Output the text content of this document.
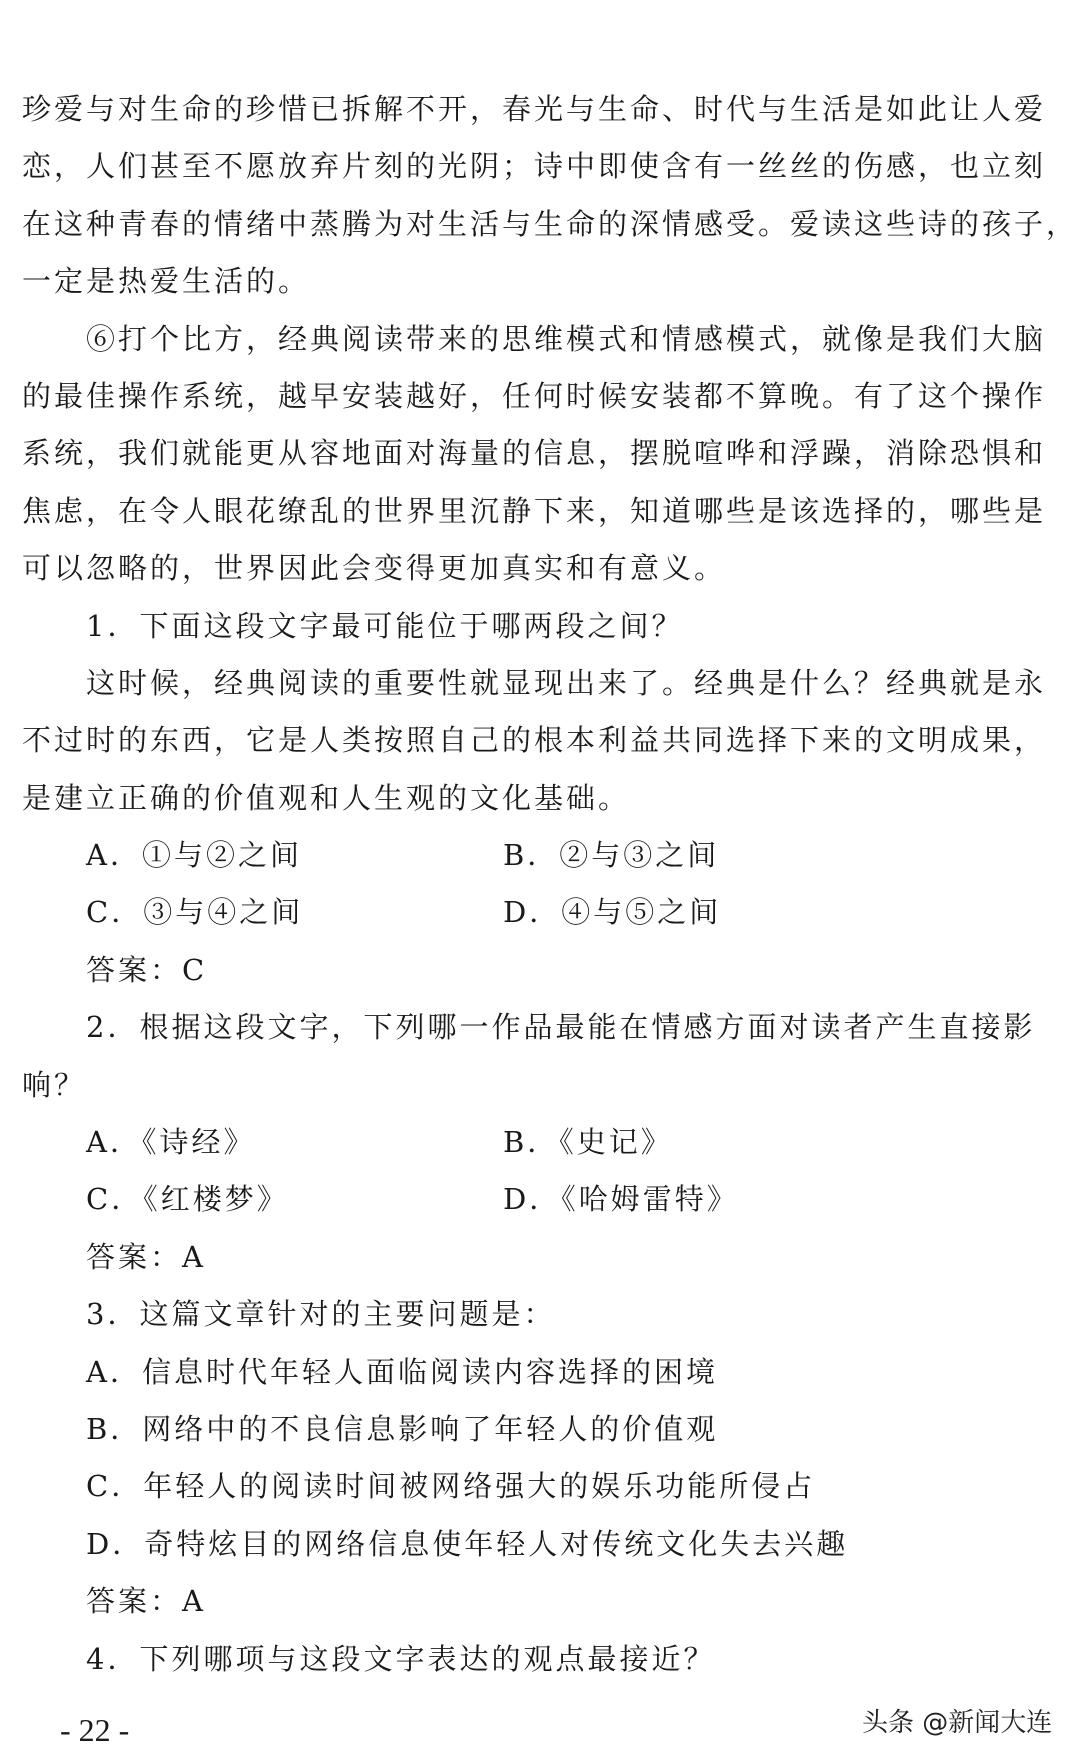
珍爱与对生命的珍惜已拆解不开，春光与生命、时代与生活是如此让人爱
恋，人们甚至不愿放弃片刻的光阴；诗中即使含有一丝丝的伤感，也立刻
在这种青春的情绪中蒸腾为对生活与生命的深情感受。爱读这些诗的孩子，
一定是热爱生活的。
⑥打个比方，经典阅读带来的思维模式和情感模式，就像是我们大脑
的最佳操作系统，越早安装越好，任何时候安装都不算晚。有了这个操作
系统，我们就能更从容地面对海量的信息，摆脱喧哗和浮躁，消除恐惧和
焦虑，在令人眼花缭乱的世界里沉静下来，知道哪些是该选择的，哪些是
可以忽略的，世界因此会变得更加真实和有意义。
1．下面这段文字最可能位于哪两段之间？
这时候，经典阅读的重要性就显现出来了。经典是什么？经典就是永
不过时的东西，它是人类按照自己的根本利益共同选择下来的文明成果，
是建立正确的价值观和人生观的文化基础。
A．①与②之间	B．②与③之间
C．③与④之间	D．④与⑤之间
答案：C
2．根据这段文字，下列哪一作品最能在情感方面对读者产生直接影
响？
A．《诗经》	B．《史记》
C．《红楼梦》	D．《哈姆雷特》
答案：A
3．这篇文章针对的主要问题是：
A．信息时代年轻人面临阅读内容选择的困境
B．网络中的不良信息影响了年轻人的价值观
C．年轻人的阅读时间被网络强大的娱乐功能所侵占
D．奇特炫目的网络信息使年轻人对传统文化失去兴趣
答案：A
4．下列哪项与这段文字表达的观点最接近？
- 22 -	头条 @新闻大连
